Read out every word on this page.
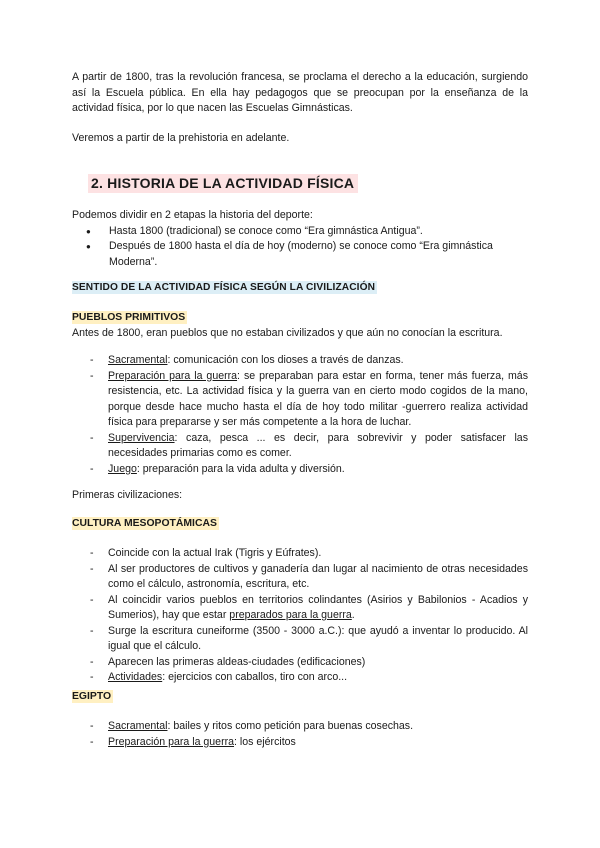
A partir de 1800, tras la revolución francesa, se proclama el derecho a la educación, surgiendo así la Escuela pública. En ella hay pedagogos que se preocupan por la enseñanza de la actividad física, por lo que nacen las Escuelas Gimnásticas.

Veremos a partir de la prehistoria en adelante.

2. HISTORIA DE LA ACTIVIDAD FÍSICA
Podemos dividir en 2 etapas la historia del deporte:
● Hasta 1800 (tradicional) se conoce como “Era gimnástica Antigua”.
● Después de 1800 hasta el día de hoy (moderno) se conoce como “Era gimnástica Moderna”.
SENTIDO DE LA ACTIVIDAD FÍSICA SEGÚN LA CIVILIZACIÓN
PUEBLOS PRIMITIVOS
Antes de 1800, eran pueblos que no estaban civilizados y que aún no conocían la escritura.
- Sacramental: comunicación con los dioses a través de danzas.
- Preparación para la guerra: se preparaban para estar en forma, tener más fuerza, más resistencia, etc. La actividad física y la guerra van en cierto modo cogidos de la mano, porque desde hace mucho hasta el día de hoy todo militar -guerrero realiza actividad física para prepararse y ser más competente a la hora de luchar.
- Supervivencia: caza, pesca ... es decir, para sobrevivir y poder satisfacer las necesidades primarias como es comer.
- Juego: preparación para la vida adulta y diversión.
Primeras civilizaciones:
CULTURA MESOPOTÁMICAS
- Coincide con la actual Irak (Tigris y Eúfrates).
- Al ser productores de cultivos y ganadería dan lugar al nacimiento de otras necesidades como el cálculo, astronomía, escritura, etc.
- Al coincidir varios pueblos en territorios colindantes (Asirios y Babilonios - Acadios y Sumerios), hay que estar preparados para la guerra.
- Surge la escritura cuneiforme (3500 - 3000 a.C.): que ayudó a inventar lo producido. Al igual que el cálculo.
- Aparecen las primeras aldeas-ciudades (edificaciones)
- Actividades: ejercicios con caballos, tiro con arco...
EGIPTO
- Sacramental: bailes y ritos como petición para buenas cosechas.
- Preparación para la guerra: los ejércitos
